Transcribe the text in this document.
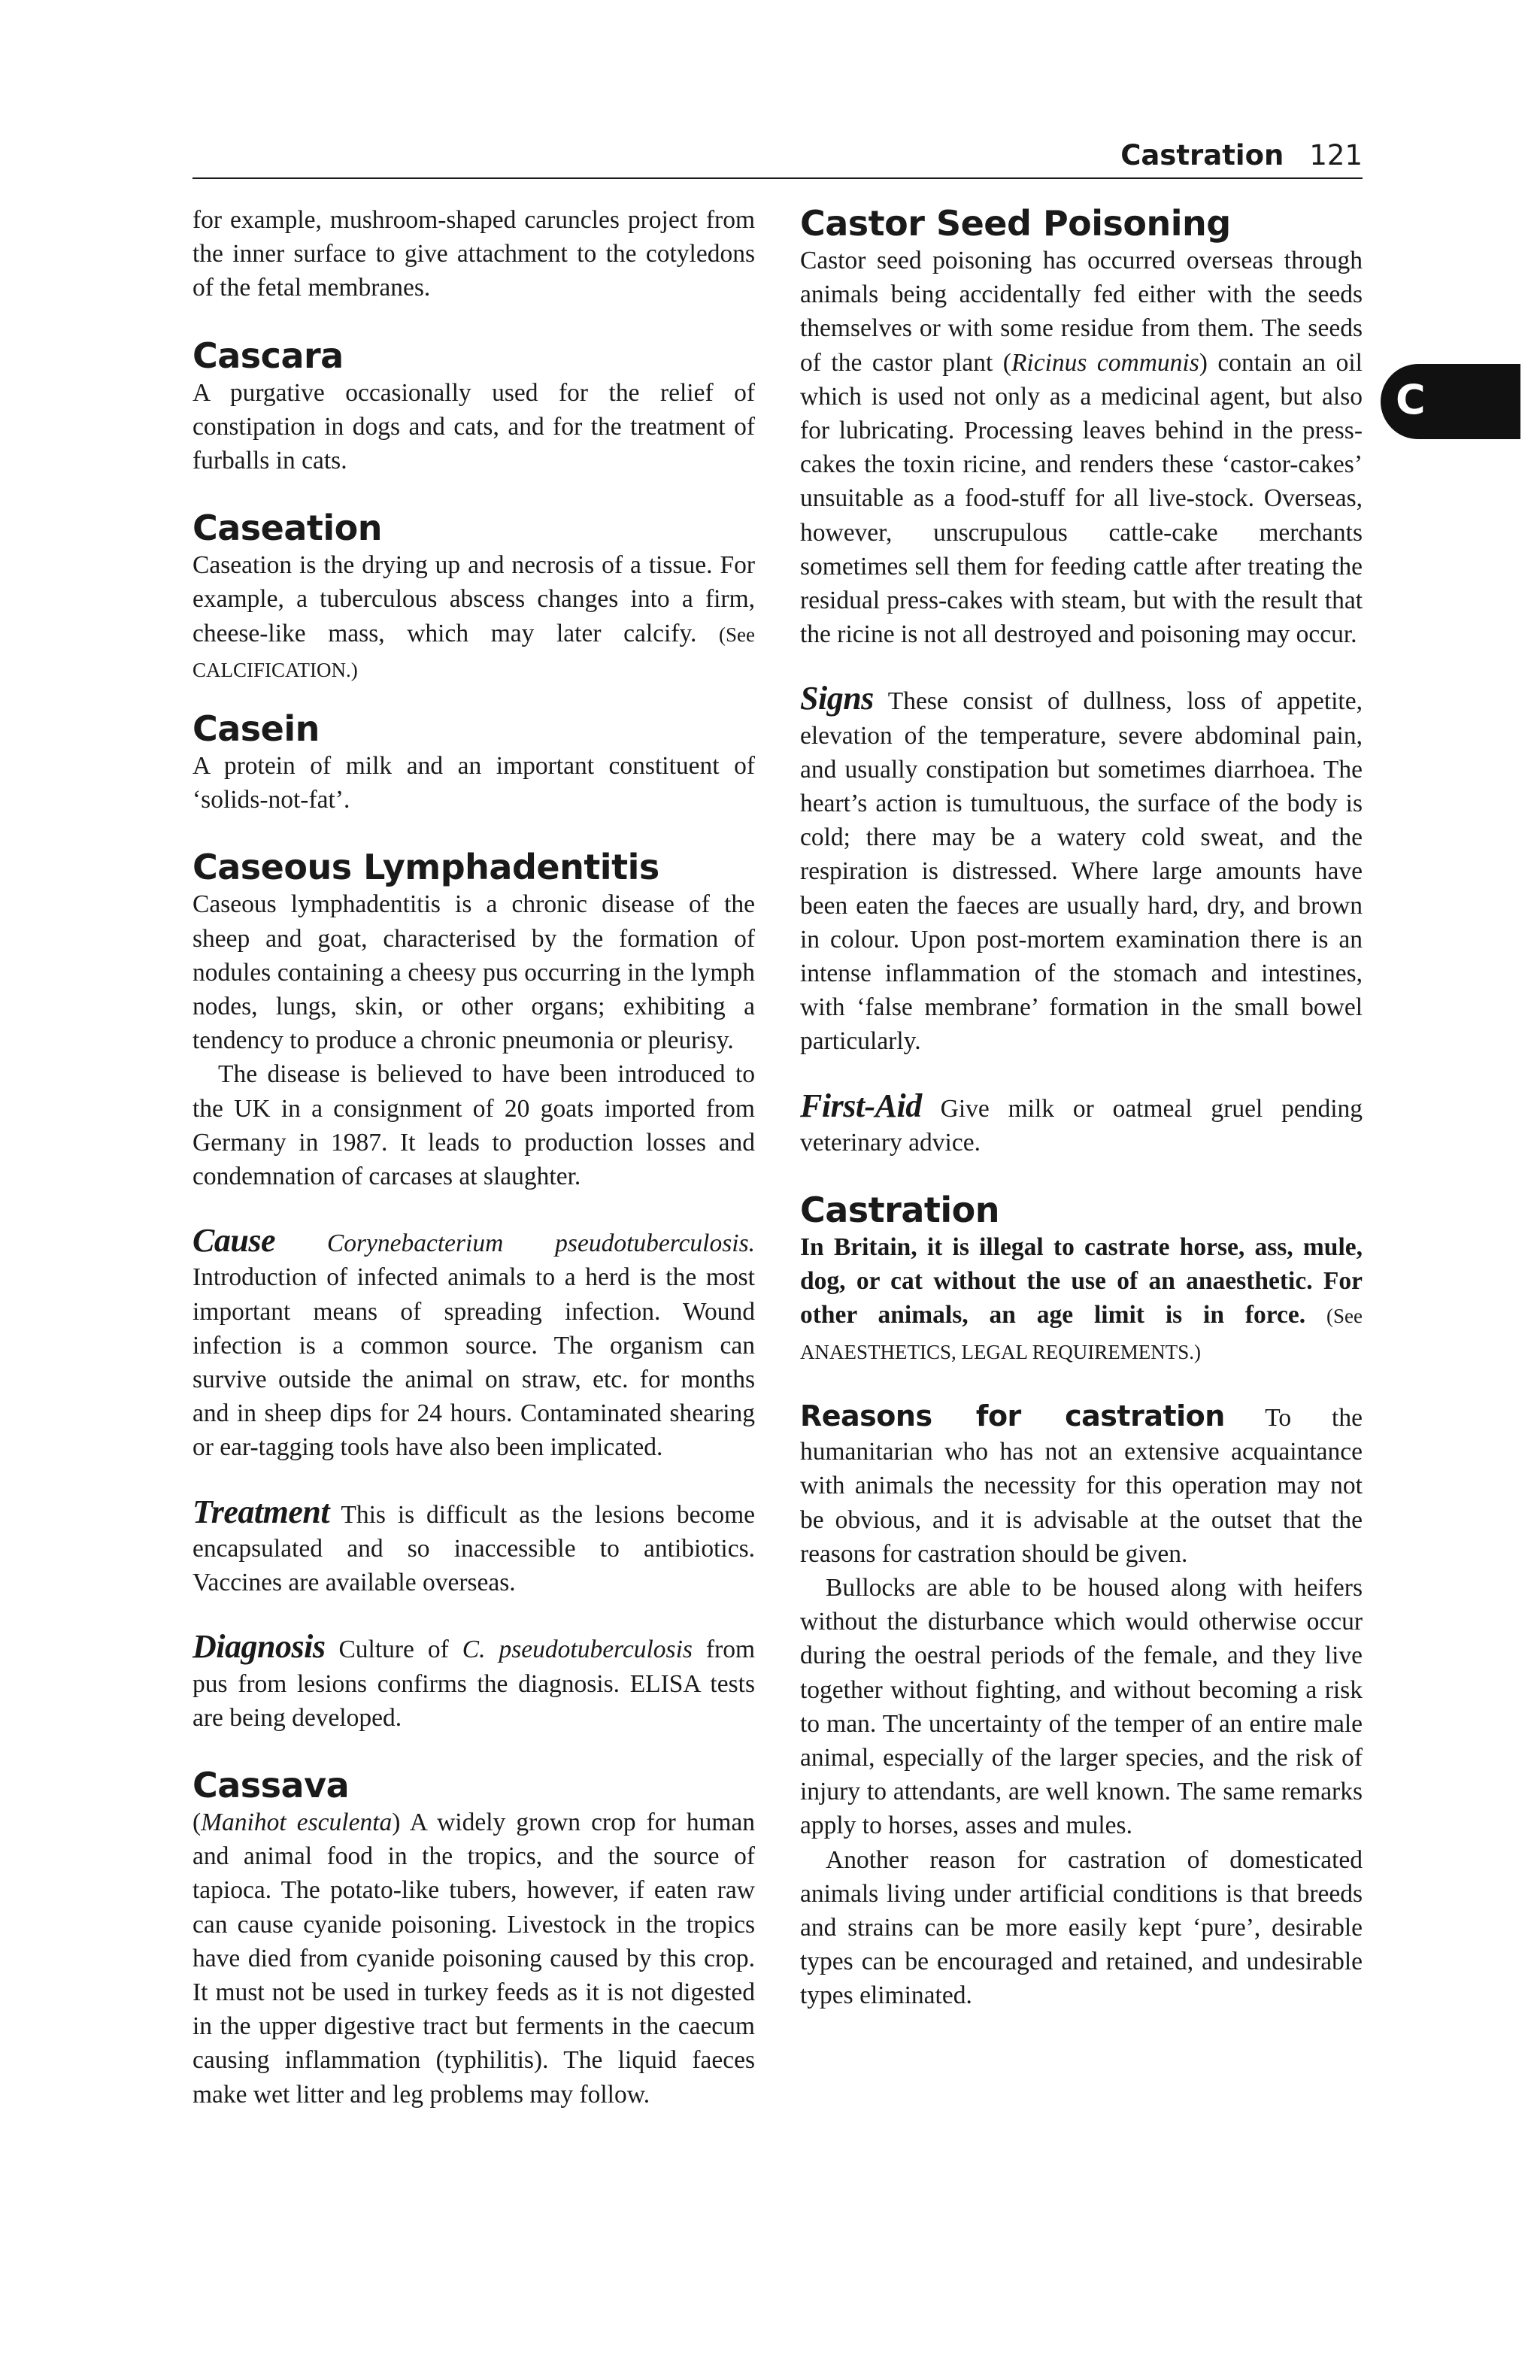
Castration 121
C

for example, mushroom-shaped caruncles project from the inner surface to give attachment to the cotyledons of the fetal membranes.

Cascara

A purgative occasionally used for the relief of constipation in dogs and cats, and for the treatment of furballs in cats.

Caseation

Caseation is the drying up and necrosis of a tissue. For example, a tuberculous abscess changes into a firm, cheese-like mass, which may later calcify. (See CALCIFICATION.)

Casein

A protein of milk and an important constituent of ‘solids-not-fat’.

Caseous Lymphadentitis

Caseous lymphadentitis is a chronic disease of the sheep and goat, characterised by the formation of nodules containing a cheesy pus occurring in the lymph nodes, lungs, skin, or other organs; exhibiting a tendency to produce a chronic pneumonia or pleurisy.

The disease is believed to have been introduced to the UK in a consignment of 20 goats imported from Germany in 1987. It leads to production losses and condemnation of carcases at slaughter.

Cause Corynebacterium pseudotuberculosis. Introduction of infected animals to a herd is the most important means of spreading infection. Wound infection is a common source. The organism can survive outside the animal on straw, etc. for months and in sheep dips for 24 hours. Contaminated shearing or ear-tagging tools have also been implicated.

Treatment This is difficult as the lesions become encapsulated and so inaccessible to antibiotics. Vaccines are available overseas.

Diagnosis Culture of C. pseudotuberculosis from pus from lesions confirms the diagnosis. ELISA tests are being developed.

Cassava

(Manihot esculenta) A widely grown crop for human and animal food in the tropics, and the source of tapioca. The potato-like tubers, however, if eaten raw can cause cyanide poisoning. Livestock in the tropics have died from cyanide poisoning caused by this crop. It must not be used in turkey feeds as it is not digested in the upper digestive tract but ferments in the caecum causing inflammation (typhilitis). The liquid faeces make wet litter and leg problems may follow.

Castor Seed Poisoning

Castor seed poisoning has occurred overseas through animals being accidentally fed either with the seeds themselves or with some residue from them. The seeds of the castor plant (Ricinus communis) contain an oil which is used not only as a medicinal agent, but also for lubricating. Processing leaves behind in the press-cakes the toxin ricine, and renders these ‘castor-cakes’ unsuitable as a food-stuff for all live-stock. Overseas, however, unscrupulous cattle-cake merchants sometimes sell them for feeding cattle after treating the residual press-cakes with steam, but with the result that the ricine is not all destroyed and poisoning may occur.

Signs These consist of dullness, loss of appetite, elevation of the temperature, severe abdominal pain, and usually constipation but sometimes diarrhoea. The heart’s action is tumultuous, the surface of the body is cold; there may be a watery cold sweat, and the respiration is distressed. Where large amounts have been eaten the faeces are usually hard, dry, and brown in colour. Upon post-mortem examination there is an intense inflammation of the stomach and intestines, with ‘false membrane’ formation in the small bowel particularly.

First-Aid Give milk or oatmeal gruel pending veterinary advice.

Castration

In Britain, it is illegal to castrate horse, ass, mule, dog, or cat without the use of an anaesthetic. For other animals, an age limit is in force. (See ANAESTHETICS, LEGAL REQUIREMENTS.)

Reasons for castration To the humanitarian who has not an extensive acquaintance with animals the necessity for this operation may not be obvious, and it is advisable at the outset that the reasons for castration should be given.

Bullocks are able to be housed along with heifers without the disturbance which would otherwise occur during the oestral periods of the female, and they live together without fighting, and without becoming a risk to man. The uncertainty of the temper of an entire male animal, especially of the larger species, and the risk of injury to attendants, are well known. The same remarks apply to horses, asses and mules.

Another reason for castration of domesticated animals living under artificial conditions is that breeds and strains can be more easily kept ‘pure’, desirable types can be encouraged and retained, and undesirable types eliminated.
